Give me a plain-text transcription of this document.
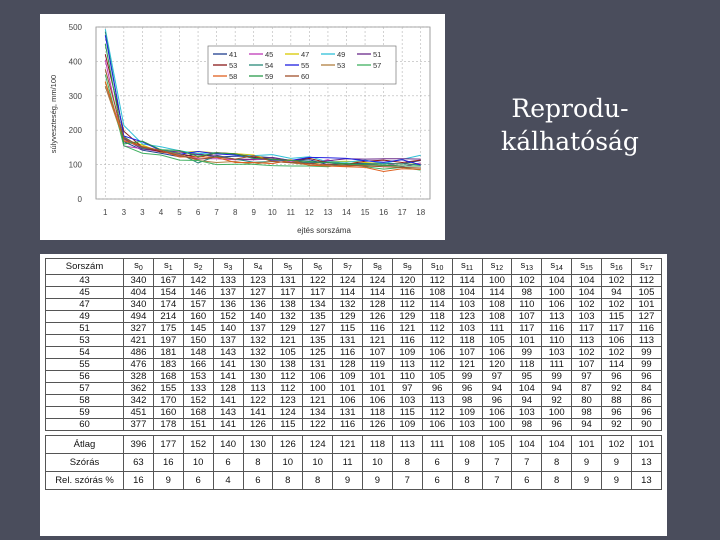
0
100
200
300
400
500
1 3 3 4 5 6 7 8 9 10 11 12 13 14 15 16 17 18
súlyveszteség, mm/100
ejtés sorszáma
41	45	47	49	51
53	54	55	53	57
58	59	60
Reprodu-
kálhatóság
Sorszám	$s_0$	$s_1$	$s_2$	$s_3$	$s_4$	$s_5$	$s_6$	$s_7$	$s_8$	$s_9$	$s_{10}$	$s_{11}$	$s_{12}$	$s_{13}$	$s_{14}$	$s_{15}$	$s_{16}$	$s_{17}$
43	340	167	142	133	123	131	122	124	124	120	112	114	100	102	104	104	102	112
45	404	154	146	137	127	117	117	114	114	116	108	104	114	98	100	104	94	105
47	340	174	157	136	136	138	134	132	128	112	114	103	108	110	106	102	102	101
49	494	214	160	152	140	132	135	129	126	129	118	123	108	107	113	103	115	127
51	327	175	145	140	137	129	127	115	116	121	112	103	111	117	116	117	117	116
53	421	197	150	137	132	121	135	131	121	116	112	118	105	101	110	113	106	113
54	486	181	148	143	132	105	125	116	107	109	106	107	106	99	103	102	102	99
55	476	183	166	141	130	138	131	128	119	113	112	121	120	118	111	107	114	99
56	328	168	153	141	130	112	106	109	101	110	105	99	97	95	99	97	96	96
57	362	155	133	128	113	112	100	101	101	97	96	96	94	104	94	87	92	84
58	342	170	152	141	122	123	121	106	106	103	113	98	96	94	92	80	88	86
59	451	160	168	143	141	124	134	131	118	115	112	109	106	103	100	98	96	96
60	377	178	151	141	126	115	122	116	126	109	106	103	100	98	96	94	92	90

Átlag	396	177	152	140	130	126	124	121	118	113	111	108	105	104	104	101	102	101
Szórás	63	16	10	6	8	10	10	11	10	8	6	9	7	7	8	9	9	13
Rel. szórás %	16	9	6	4	6	8	8	9	9	7	6	8	7	6	8	9	9	13
